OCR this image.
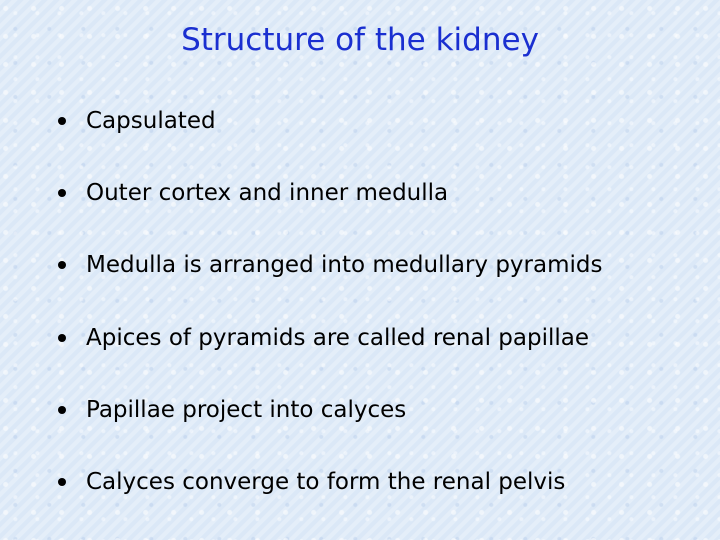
Structure of the kidney
Capsulated
Outer cortex and inner medulla
Medulla is arranged into medullary pyramids
Apices of pyramids are called renal papillae
Papillae project into calyces
Calyces converge to form the renal pelvis
